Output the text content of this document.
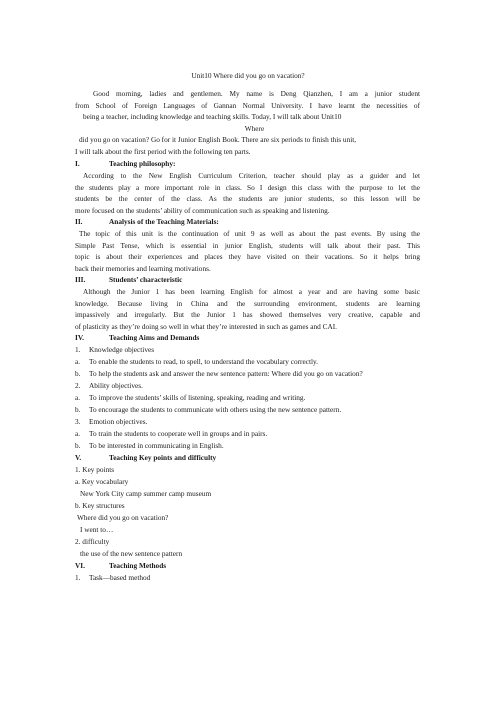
Unit10 Where did you go on vacation?
Good morning, ladies and gentlemen. My name is Deng Qianzhen, I am a junior student
from School of Foreign Languages of Gannan Normal University. I have learnt the necessities of
being a teacher, including knowledge and teaching skills. Today, I will talk about Unit10
Where
did you go on vacation? Go for it Junior English Book. There are six periods to finish this unit,
I will talk about the first period with the following ten parts.
I.	Teaching philosophy:
According to the New English Curriculum Criterion, teacher should play as a guider and let
the students play a more important role in class. So I design this class with the purpose to let the
students be the center of the class. As the students are junior students, so this lesson will be
more focused on the students’ ability of communication such as speaking and listening.
II.	Analysis of the Teaching Materials:
The topic of this unit is the continuation of unit 9 as well as about the past events. By using the
Simple Past Tense, which is essential in junior English, students will talk about their past. This
topic is about their experiences and places they have visited on their vacations. So it helps bring
back their memories and learning motivations.
III.	Students’ characteristic
Although the Junior 1 has been learning English for almost a year and are having some basic
knowledge. Because living in China and the surrounding environment, students are learning
impassively and irregularly. But the Junior 1 has showed themselves very creative, capable and
of plasticity as they’re doing so well in what they’re interested in such as games and CAI.
IV.	Teaching Aims and Demands
1. Knowledge objectives
a. To enable the students to read, to spell, to understand the vocabulary correctly.
b. To help the students ask and answer the new sentence pattern: Where did you go on vacation?
2. Ability objectives.
a. To improve the students’ skills of listening, speaking, reading and writing.
b. To encourage the students to communicate with others using the new sentence pattern.
3. Emotion objectives.
a. To train the students to cooperate well in groups and in pairs.
b. To be interested in communicating in English.
V.	Teaching Key points and difficulty
1. Key points
a. Key vocabulary
New York City camp summer camp museum
b. Key structures
Where did you go on vacation?
I went to…
2. difficulty
the use of the new sentence pattern
VI.	Teaching Methods
1. Task—based method
